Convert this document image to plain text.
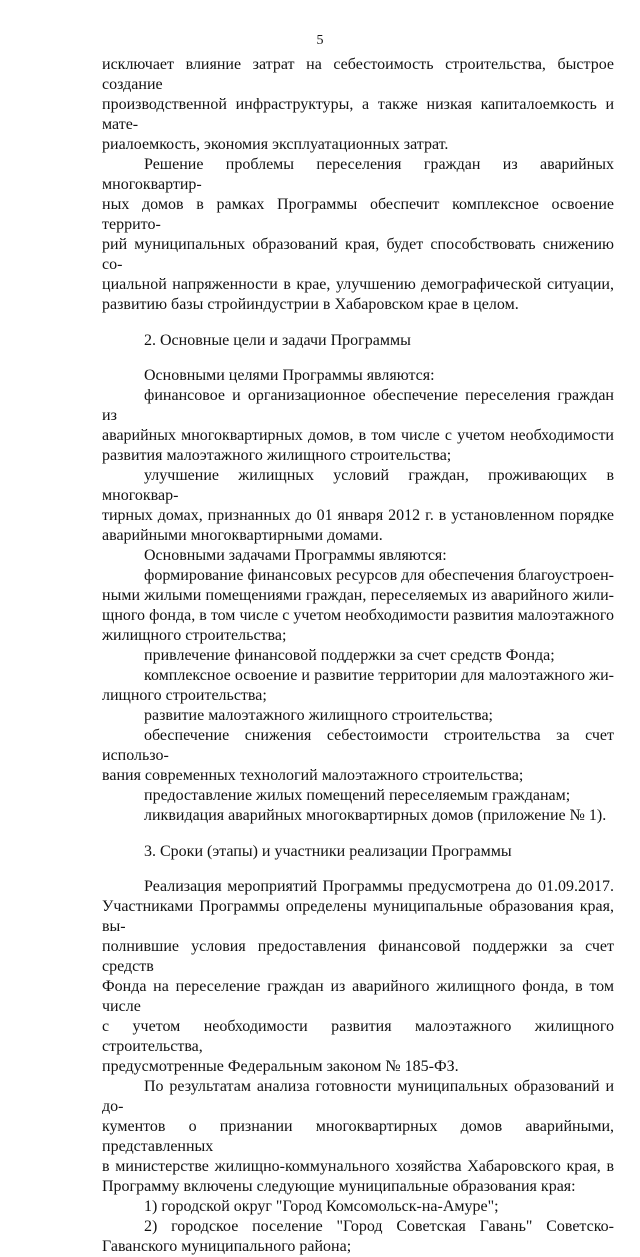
5
исключает влияние затрат на себестоимость строительства, быстрое создание
производственной инфраструктуры, а также низкая капиталоемкость и мате-
риалоемкость, экономия эксплуатационных затрат.
Решение проблемы переселения граждан из аварийных многоквартир-
ных домов в рамках Программы обеспечит комплексное освоение террито-
рий муниципальных образований края, будет способствовать снижению со-
циальной напряженности в крае, улучшению демографической ситуации,
развитию базы стройиндустрии в Хабаровском крае в целом.
2. Основные цели и задачи Программы
Основными целями Программы являются:
финансовое и организационное обеспечение переселения граждан из
аварийных многоквартирных домов, в том числе с учетом необходимости
развития малоэтажного жилищного строительства;
улучшение жилищных условий граждан, проживающих в многоквар-
тирных домах, признанных до 01 января 2012 г. в установленном порядке
аварийными многоквартирными домами.
Основными задачами Программы являются:
формирование финансовых ресурсов для обеспечения благоустроен-
ными жилыми помещениями граждан, переселяемых из аварийного жили-
щного фонда, в том числе с учетом необходимости развития малоэтажного
жилищного строительства;
привлечение финансовой поддержки за счет средств Фонда;
комплексное освоение и развитие территории для малоэтажного жи-
лищного строительства;
развитие малоэтажного жилищного строительства;
обеспечение снижения себестоимости строительства за счет использо-
вания современных технологий малоэтажного строительства;
предоставление жилых помещений переселяемым гражданам;
ликвидация аварийных многоквартирных домов (приложение № 1).
3. Сроки (этапы) и участники реализации Программы
Реализация мероприятий Программы предусмотрена до 01.09.2017.
Участниками Программы определены муниципальные образования края, вы-
полнившие условия предоставления финансовой поддержки за счет средств
Фонда на переселение граждан из аварийного жилищного фонда, в том числе
с учетом необходимости развития малоэтажного жилищного строительства,
предусмотренные Федеральным законом № 185-ФЗ.
По результатам анализа готовности муниципальных образований и до-
кументов о признании многоквартирных домов аварийными, представленных
в министерстве жилищно-коммунального хозяйства Хабаровского края, в
Программу включены следующие муниципальные образования края:
1) городской округ "Город Комсомольск-на-Амуре";
2) городское поселение "Город Советская Гавань" Советско-
Гаванского муниципального района;
